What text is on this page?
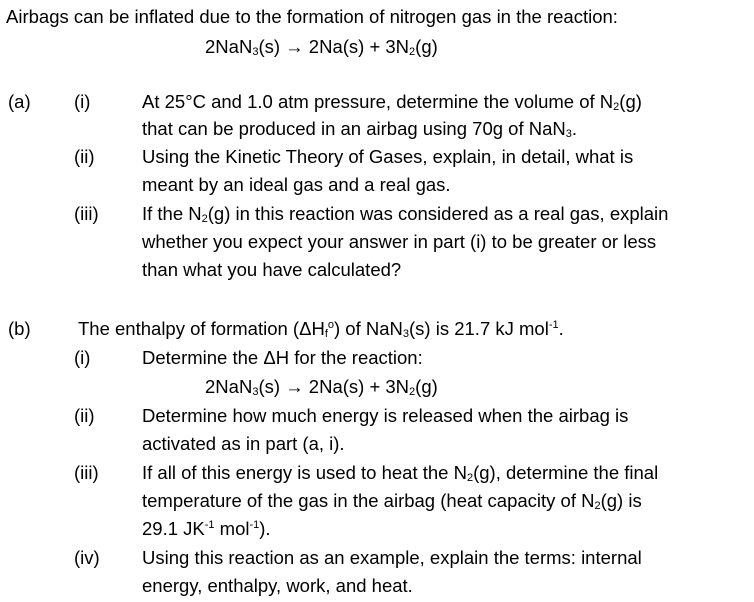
Airbags can be inflated due to the formation of nitrogen gas in the reaction:
$2NaN_3(s) \to 2Na(s) + 3N_2(g)$
(a) (i)	At 25°C and 1.0 atm pressure, determine the volume of $N_2(g)$
that can be produced in an airbag using 70g of NaN$_3$.
(ii)	Using the Kinetic Theory of Gases, explain, in detail, what is
meant by an ideal gas and a real gas.
(iii) If the $N_2(g)$ in this reaction was considered as a real gas, explain
whether you expect your answer in part (i) to be greater or less
than what you have calculated?
(b)	The enthalpy of formation $(\Delta H_f^o)$ of NaN$_3$(s) is 21.7 kJ mol$^{-1}$.
(i)	Determine the ΔH for the reaction:
$2NaN_3(s) \to 2Na(s) + 3N_2(g)$
(ii)	Determine how much energy is released when the airbag is
activated as in part (a, i).
(iii) If all of this energy is used to heat the $N_2(g)$, determine the final
temperature of the gas in the airbag (heat capacity of $N_2(g)$ is
29.1 $JK^{-1}$ mol$^{-1}$).
(iv) Using this reaction as an example, explain the terms: internal
energy, enthalpy, work, and heat.
